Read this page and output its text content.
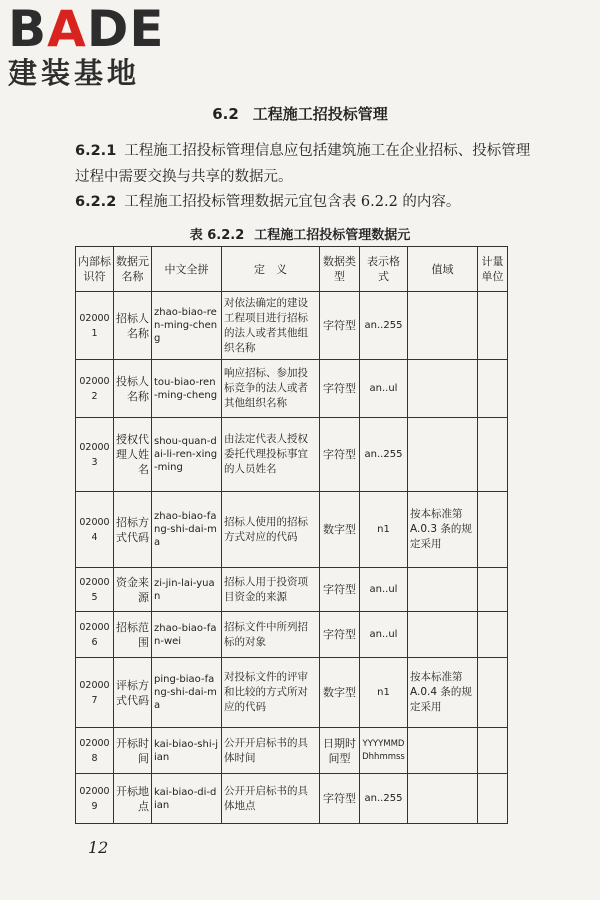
BADE
建装基地
6.2 工程施工招投标管理
6.2.1 工程施工招投标管理信息应包括建筑施工在企业招标、投标管理过程中需要交换与共享的数据元。
6.2.2 工程施工招投标管理数据元宜包含表 6.2.2 的内容。
表 6.2.2 工程施工招投标管理数据元
内部标识符	数据元名称	中文全拼	定　义	数据类型	表示格式	值域	计量单位
020001	招标人名称	zhao-biao-ren-ming-cheng	对依法确定的建设工程项目进行招标的法人或者其他组织名称	字符型	an..255		
020002	投标人名称	tou-biao-ren-ming-cheng	响应招标、参加投标竞争的法人或者其他组织名称	字符型	an..ul		
020003	授权代理人姓名	shou-quan-dai-li-ren-xing-ming	由法定代表人授权委托代理投标事宜的人员姓名	字符型	an..255		
020004	招标方式代码	zhao-biao-fang-shi-dai-ma	招标人使用的招标方式对应的代码	数字型	n1	按本标准第 A.0.3 条的规定采用	
020005	资金来源	zi-jin-lai-yuan	招标人用于投资项目资金的来源	字符型	an..ul		
020006	招标范围	zhao-biao-fan-wei	招标文件中所列招标的对象	字符型	an..ul		
020007	评标方式代码	ping-biao-fang-shi-dai-ma	对投标文件的评审和比较的方式所对应的代码	数字型	n1	按本标准第 A.0.4 条的规定采用	
020008	开标时间	kai-biao-shi-jian	公开开启标书的具体时间	日期时间型	YYYYMMDDhhmmss		
020009	开标地点	kai-biao-di-dian	公开开启标书的具体地点	字符型	an..255		
12
